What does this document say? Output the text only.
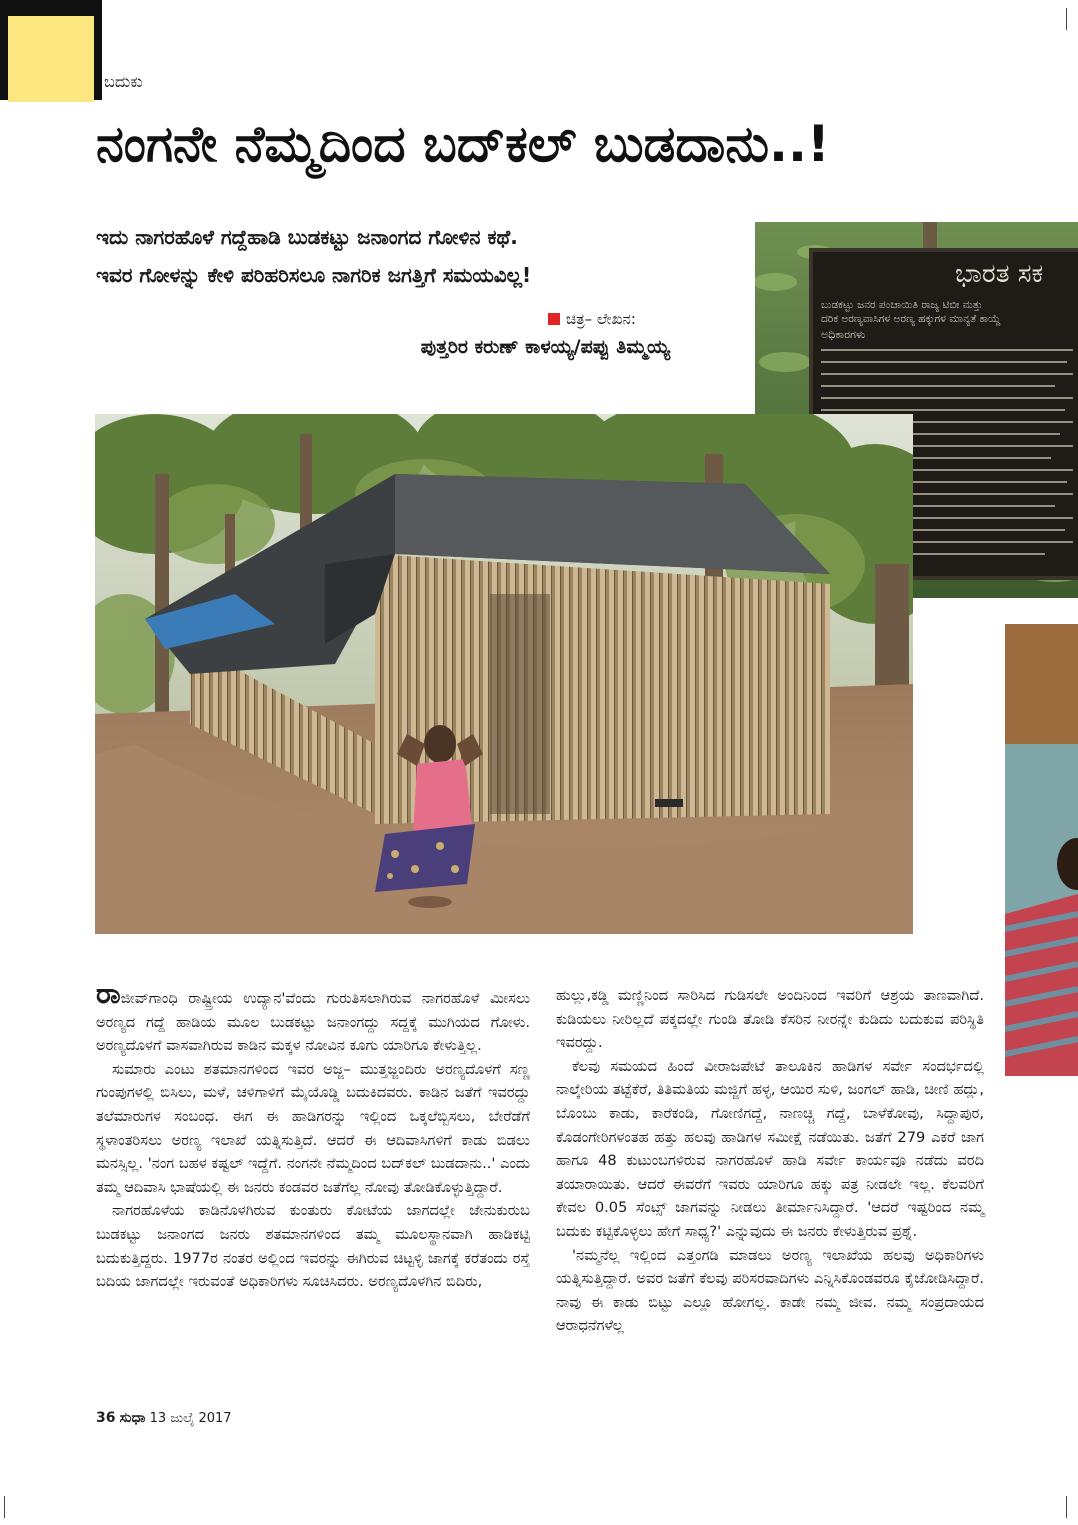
ಬದುಕು
ನಂಗನೇ ನೆಮ್ಮದಿಂದ ಬದ್‌ಕಲ್ ಬುಡದಾನು..!
ಇದು ನಾಗರಹೊಳೆ ಗದ್ದೆಹಾಡಿ ಬುಡಕಟ್ಟು ಜನಾಂಗದ ಗೋಳಿನ ಕಥೆ.
ಇವರ ಗೋಳನ್ನು ಕೇಳಿ ಪರಿಹರಿಸಲೂ ನಾಗರಿಕ ಜಗತ್ತಿಗೆ ಸಮಯವಿಲ್ಲ!
ಚಿತ್ರ– ಲೇಖನ:
ಪುತ್ತರಿರ ಕರುಣ್ ಕಾಳಯ್ಯ/ಪಪ್ಪು ತಿಮ್ಮಯ್ಯ
ಭಾರತ ಸಕ
ಬುಡಕಟ್ಟು ಜನರ ಪಂಚಾಯಿತಿ ರಾಜ್ಯ ಟಿಬೀ ಮತ್ತು
ದರಿಕ ಅರಣ್ಯವಾಸಿಗಳ ಅರಣ್ಯ ಹಕ್ಕುಗಳ ಮಾನ್ಯತೆ ಕಾಯ್ದೆ
ಅಧಿಕಾರಗಳು

ರಾಜೀವ್‌ಗಾಂಧಿ ರಾಷ್ಟ್ರೀಯ ಉದ್ಯಾನ'ವೆಂದು ಗುರುತಿಸಲಾಗಿರುವ ನಾಗರಹೊಳೆ ಮೀಸಲು ಅರಣ್ಯದ ಗದ್ದೆ ಹಾಡಿಯ ಮೂಲ ಬುಡಕಟ್ಟು ಜನಾಂಗದ್ದು ಸದ್ದಕ್ಕೆ ಮುಗಿಯದ ಗೋಳು. ಅರಣ್ಯದೊಳಗೆ ವಾಸವಾಗಿರುವ ಕಾಡಿನ ಮಕ್ಕಳ ನೋವಿನ ಕೂಗು ಯಾರಿಗೂ ಕೇಳುತ್ತಿಲ್ಲ.

ಸುಮಾರು ಎಂಟು ಶತಮಾನಗಳಿಂದ ಇವರ ಅಜ್ಜ– ಮುತ್ತಜ್ಜಂದಿರು ಅರಣ್ಯದೊಳಗೆ ಸಣ್ಣ ಗುಂಪುಗಳಲ್ಲಿ ಬಿಸಿಲು, ಮಳೆ, ಚಳಿಗಾಳಿಗೆ ಮೈಯೊಡ್ಡಿ ಬದುಕಿದವರು. ಕಾಡಿನ ಜತೆಗೆ ಇವರದ್ದು ತಲೆಮಾರುಗಳ ಸಂಬಂಧ. ಈಗ ಈ ಹಾಡಿಗರನ್ನು ಇಲ್ಲಿಂದ ಒಕ್ಕಲೆಬ್ಬಿಸಲು, ಬೇರೆಡೆಗೆ ಸ್ಥಳಾಂತರಿಸಲು ಅರಣ್ಯ ಇಲಾಖೆ ಯತ್ನಿಸುತ್ತಿದೆ. ಆದರೆ ಈ ಆದಿವಾಸಿಗಳಿಗೆ ಕಾಡು ಬಿಡಲು ಮನಸ್ಸಿಲ್ಲ. 'ನಂಗ ಬಹಳ ಕಷ್ಟಲ್ ಇದ್ದೆಗೆ. ನಂಗನೇ ನೆಮ್ಮದಿಂದ ಬದ್‌ಕಲ್ ಬುಡದಾನು..' ಎಂದು ತಮ್ಮ ಆದಿವಾಸಿ ಭಾಷೆಯಲ್ಲಿ ಈ ಜನರು ಕಂಡವರ ಜತೆಗೆಲ್ಲ ನೋವು ತೋಡಿಕೊಳ್ಳುತ್ತಿದ್ದಾರೆ.

ನಾಗರಹೊಳೆಯ ಕಾಡಿನೊಳಗಿರುವ ಕುಂತುರು ಕೋಟೆಯ ಜಾಗದಲ್ಲೇ ಜೇನುಕುರುಬ ಬುಡಕಟ್ಟು ಜನಾಂಗದ ಜನರು ಶತಮಾನಗಳಿಂದ ತಮ್ಮ ಮೂಲಸ್ಥಾನವಾಗಿ ಹಾಡಿಕಟ್ಟಿ ಬದುಕುತ್ತಿದ್ದರು. 1977ರ ನಂತರ ಅಲ್ಲಿಂದ ಇವರನ್ನು ಈಗಿರುವ ಚಿಟ್ಟಳ್ಳಿ ಜಾಗಕ್ಕೆ ಕರೆತಂದು ರಸ್ತೆ ಬದಿಯ ಜಾಗದಲ್ಲೇ ಇರುವಂತೆ ಅಧಿಕಾರಿಗಳು ಸೂಚಿಸಿದರು. ಅರಣ್ಯದೊಳಗಿನ ಬಿದಿರು,

ಹುಲ್ಲು,ಕಡ್ಡಿ ಮಣ್ಣಿನಿಂದ ಸಾರಿಸಿದ ಗುಡಿಸಲೇ ಅಂದಿನಿಂದ ಇವರಿಗೆ ಆಶ್ರಯ ತಾಣವಾಗಿದೆ. ಕುಡಿಯಲು ನೀರಿಲ್ಲದೆ ಪಕ್ಕದಲ್ಲೇ ಗುಂಡಿ ತೋಡಿ ಕೆಸರಿನ ನೀರನ್ನೇ ಕುಡಿದು ಬದುಕುವ ಪರಿಸ್ಥಿತಿ ಇವರದ್ದು.

ಕೆಲವು ಸಮಯದ ಹಿಂದೆ ವೀರಾಜಪೇಟೆ ತಾಲೂಕಿನ ಹಾಡಿಗಳ ಸರ್ವೇ ಸಂದರ್ಭದಲ್ಲಿ ನಾಲ್ಕೇರಿಯ ತಟ್ಟೆಕೆರೆ, ತಿತಿಮತಿಯ ಮಜ್ಜಿಗೆ ಹಳ್ಳ, ಆಯಿರ ಸುಳಿ, ಜಂಗಲ್ ಹಾಡಿ, ಚೀಣಿ ಹದ್ಲು, ಬೊಂಬು ಕಾಡು, ಕಾರೆಕಂಡಿ, ಗೋಣಿಗದ್ದೆ, ನಾಣಚ್ಚಿ ಗದ್ದೆ, ಬಾಳೆಕೋವು, ಸಿದ್ದಾಪುರ, ಕೊಡಂಗೇರಿಗಳಂತಹ ಹತ್ತು ಹಲವು ಹಾಡಿಗಳ ಸಮೀಕ್ಷೆ ನಡೆಯಿತು. ಜತೆಗೆ 279 ಎಕರೆ ಜಾಗ ಹಾಗೂ 48 ಕುಟುಂಬಗಳಿರುವ ನಾಗರಹೊಳೆ ಹಾಡಿ ಸರ್ವೇ ಕಾರ್ಯವೂ ನಡೆದು ವರದಿ ತಯಾರಾಯಿತು. ಆದರೆ ಈವರೆಗೆ ಇವರು ಯಾರಿಗೂ ಹಕ್ಕು ಪತ್ರ ನೀಡಲೇ ಇಲ್ಲ. ಕೆಲವರಿಗೆ ಕೇವಲ 0.05 ಸೆಂಟ್ಸ್ ಜಾಗವನ್ನು ನೀಡಲು ತೀರ್ಮಾನಿಸಿದ್ದಾರೆ. 'ಆದರೆ ಇಷ್ಟರಿಂದ ನಮ್ಮ ಬದುಕು ಕಟ್ಟಿಕೊಳ್ಳಲು ಹೇಗೆ ಸಾಧ್ಯ?' ಎನ್ನುವುದು ಈ ಜನರು ಕೇಳುತ್ತಿರುವ ಪ್ರಶ್ನೆ.

'ನಮ್ಮನೆಲ್ಲ ಇಲ್ಲಿಂದ ಎತ್ತಂಗಡಿ ಮಾಡಲು ಅರಣ್ಯ ಇಲಾಖೆಯ ಹಲವು ಅಧಿಕಾರಿಗಳು ಯತ್ನಿಸುತ್ತಿದ್ದಾರೆ. ಅವರ ಜತೆಗೆ ಕೆಲವು ಪರಿಸರವಾದಿಗಳು ಎನ್ನಿಸಿಕೊಂಡವರೂ ಕೈಜೋಡಿಸಿದ್ದಾರೆ. ನಾವು ಈ ಕಾಡು ಬಿಟ್ಟು ಎಲ್ಲೂ ಹೋಗಲ್ಲ. ಕಾಡೇ ನಮ್ಮ ಜೀವ. ನಮ್ಮ ಸಂಪ್ರದಾಯದ ಆರಾಧನೆಗಳೆಲ್ಲ

36 ಸುಧಾ 13 ಜುಲೈ 2017
